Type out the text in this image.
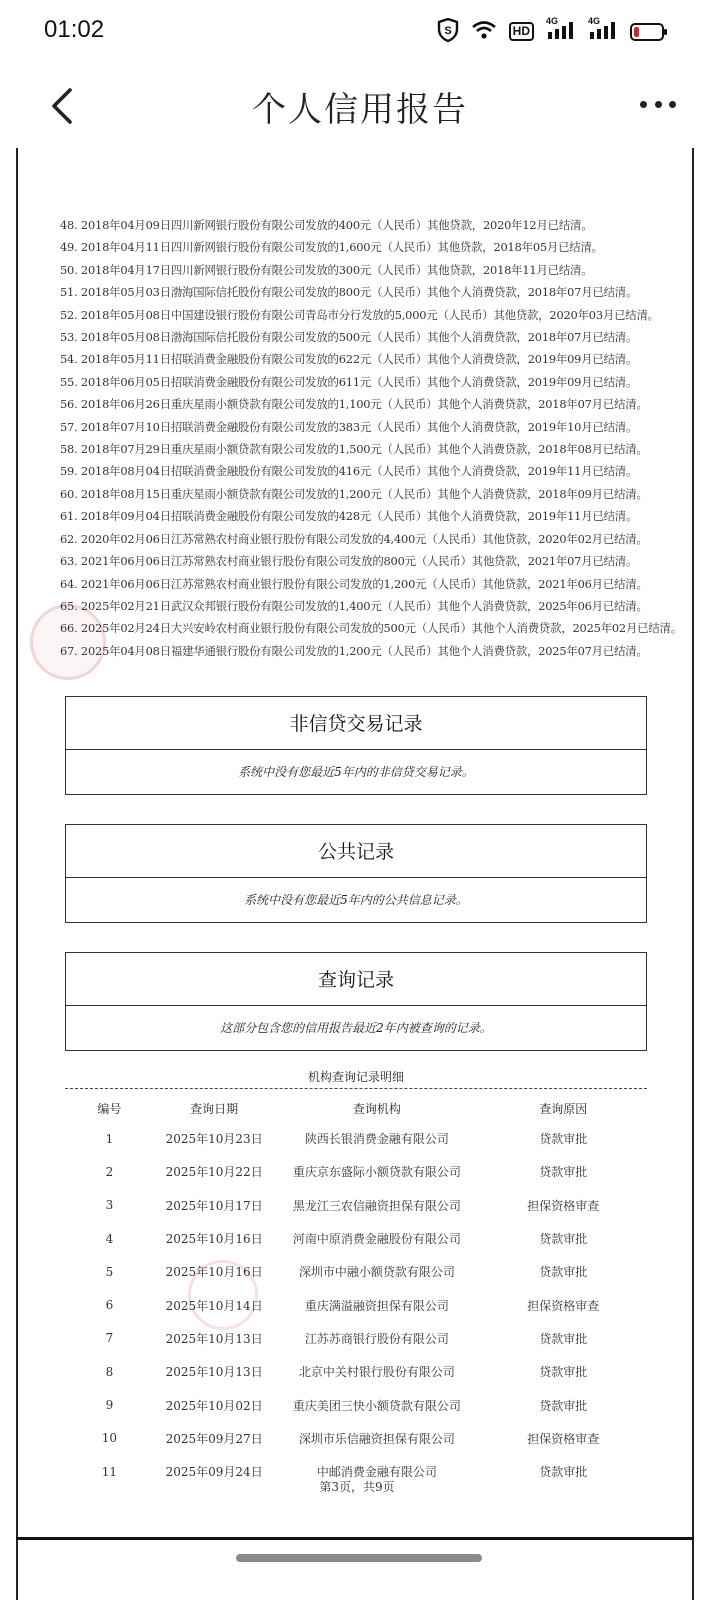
01:02	S	HD
4G	4G
个人信用报告
48. 2018年04月09日四川新网银行股份有限公司发放的400元（人民币）其他贷款，2020年12月已结清。
49. 2018年04月11日四川新网银行股份有限公司发放的1,600元（人民币）其他贷款，2018年05月已结清。
50. 2018年04月17日四川新网银行股份有限公司发放的300元（人民币）其他贷款，2018年11月已结清。
51. 2018年05月03日渤海国际信托股份有限公司发放的800元（人民币）其他个人消费贷款，2018年07月已结清。
52. 2018年05月08日中国建设银行股份有限公司青岛市分行发放的5,000元（人民币）其他贷款，2020年03月已结清。
53. 2018年05月08日渤海国际信托股份有限公司发放的500元（人民币）其他个人消费贷款，2018年07月已结清。
54. 2018年05月11日招联消费金融股份有限公司发放的622元（人民币）其他个人消费贷款，2019年09月已结清。
55. 2018年06月05日招联消费金融股份有限公司发放的611元（人民币）其他个人消费贷款，2019年09月已结清。
56. 2018年06月26日重庆星雨小额贷款有限公司发放的1,100元（人民币）其他个人消费贷款，2018年07月已结清。
57. 2018年07月10日招联消费金融股份有限公司发放的383元（人民币）其他个人消费贷款，2019年10月已结清。
58. 2018年07月29日重庆星雨小额贷款有限公司发放的1,500元（人民币）其他个人消费贷款，2018年08月已结清。
59. 2018年08月04日招联消费金融股份有限公司发放的416元（人民币）其他个人消费贷款，2019年11月已结清。
60. 2018年08月15日重庆星雨小额贷款有限公司发放的1,200元（人民币）其他个人消费贷款，2018年09月已结清。
61. 2018年09月04日招联消费金融股份有限公司发放的428元（人民币）其他个人消费贷款，2019年11月已结清。
62. 2020年02月06日江苏常熟农村商业银行股份有限公司发放的4,400元（人民币）其他贷款，2020年02月已结清。
63. 2021年06月06日江苏常熟农村商业银行股份有限公司发放的800元（人民币）其他贷款，2021年07月已结清。
64. 2021年06月06日江苏常熟农村商业银行股份有限公司发放的1,200元（人民币）其他贷款，2021年06月已结清。
65. 2025年02月21日武汉众邦银行股份有限公司发放的1,400元（人民币）其他个人消费贷款，2025年06月已结清。
66. 2025年02月24日大兴安岭农村商业银行股份有限公司发放的500元（人民币）其他个人消费贷款，2025年02月已结清。
67. 2025年04月08日福建华通银行股份有限公司发放的1,200元（人民币）其他个人消费贷款，2025年07月已结清。
非信贷交易记录
系统中没有您最近5年内的非信贷交易记录。
公共记录
系统中没有您最近5年内的公共信息记录。
查询记录
这部分包含您的信用报告最近2年内被查询的记录。
机构查询记录明细
编号	查询日期	查询机构	查询原因
1	2025年10月23日	陕西长银消费金融有限公司	贷款审批
2	2025年10月22日	重庆京东盛际小额贷款有限公司	贷款审批
3	2025年10月17日	黑龙江三农信融资担保有限公司	担保资格审查
4	2025年10月16日	河南中原消费金融股份有限公司	贷款审批
5	2025年10月16日	深圳市中融小额贷款有限公司	贷款审批
6	2025年10月14日	重庆满溢融资担保有限公司	担保资格审查
7	2025年10月13日	江苏苏商银行股份有限公司	贷款审批
8	2025年10月13日	北京中关村银行股份有限公司	贷款审批
9	2025年10月02日	重庆美团三快小额贷款有限公司	贷款审批
10	2025年09月27日	深圳市乐信融资担保有限公司	担保资格审查
11	2025年09月24日	中邮消费金融有限公司	贷款审批
第3页，共9页
